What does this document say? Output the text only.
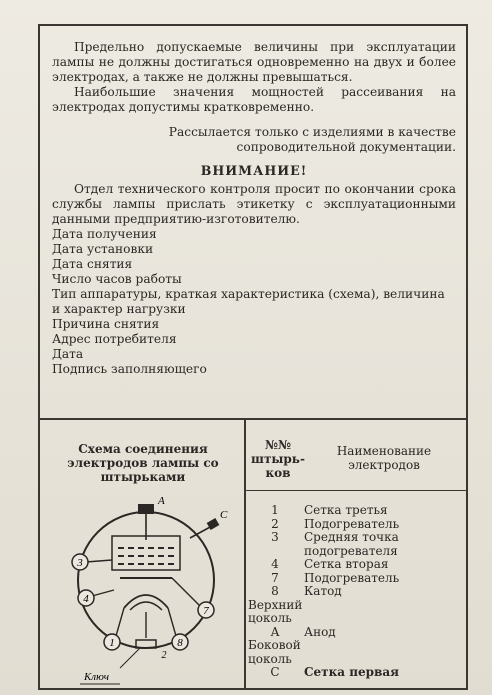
Предельно допускаемые величины при эксплуатации лампы не должны достигаться одновременно на двух и более электродах, а также не должны превышаться.

Наибольшие значения мощностей рассеивания на электродах допустимы кратковременно.

Рассылается только с изделиями в качестве сопроводительной документации.

ВНИМАНИЕ!

Отдел технического контроля просит по окончании срока службы лампы прислать этикетку с эксплуатационными данными предприятию-изготовителю.

Дата получения

Дата установки

Дата снятия

Число часов работы

Тип аппаратуры, краткая характеристика (схема), величина и характер нагрузки

Причина снятия

Адрес потребителя

Дата

Подпись заполняющего

Схема соединения электродов лампы со штырьками
3
4
1	8
7
2
А
С
Ключ
№№ штырь-ков
Наименование электродов
1	Сетка третья
2	Подогреватель
3	Средняя точка подогревателя
4	Сетка вторая
7	Подогреватель
8	Катод
Верхний цоколь
А	Анод
Боковой цоколь
С	Сетка первая
